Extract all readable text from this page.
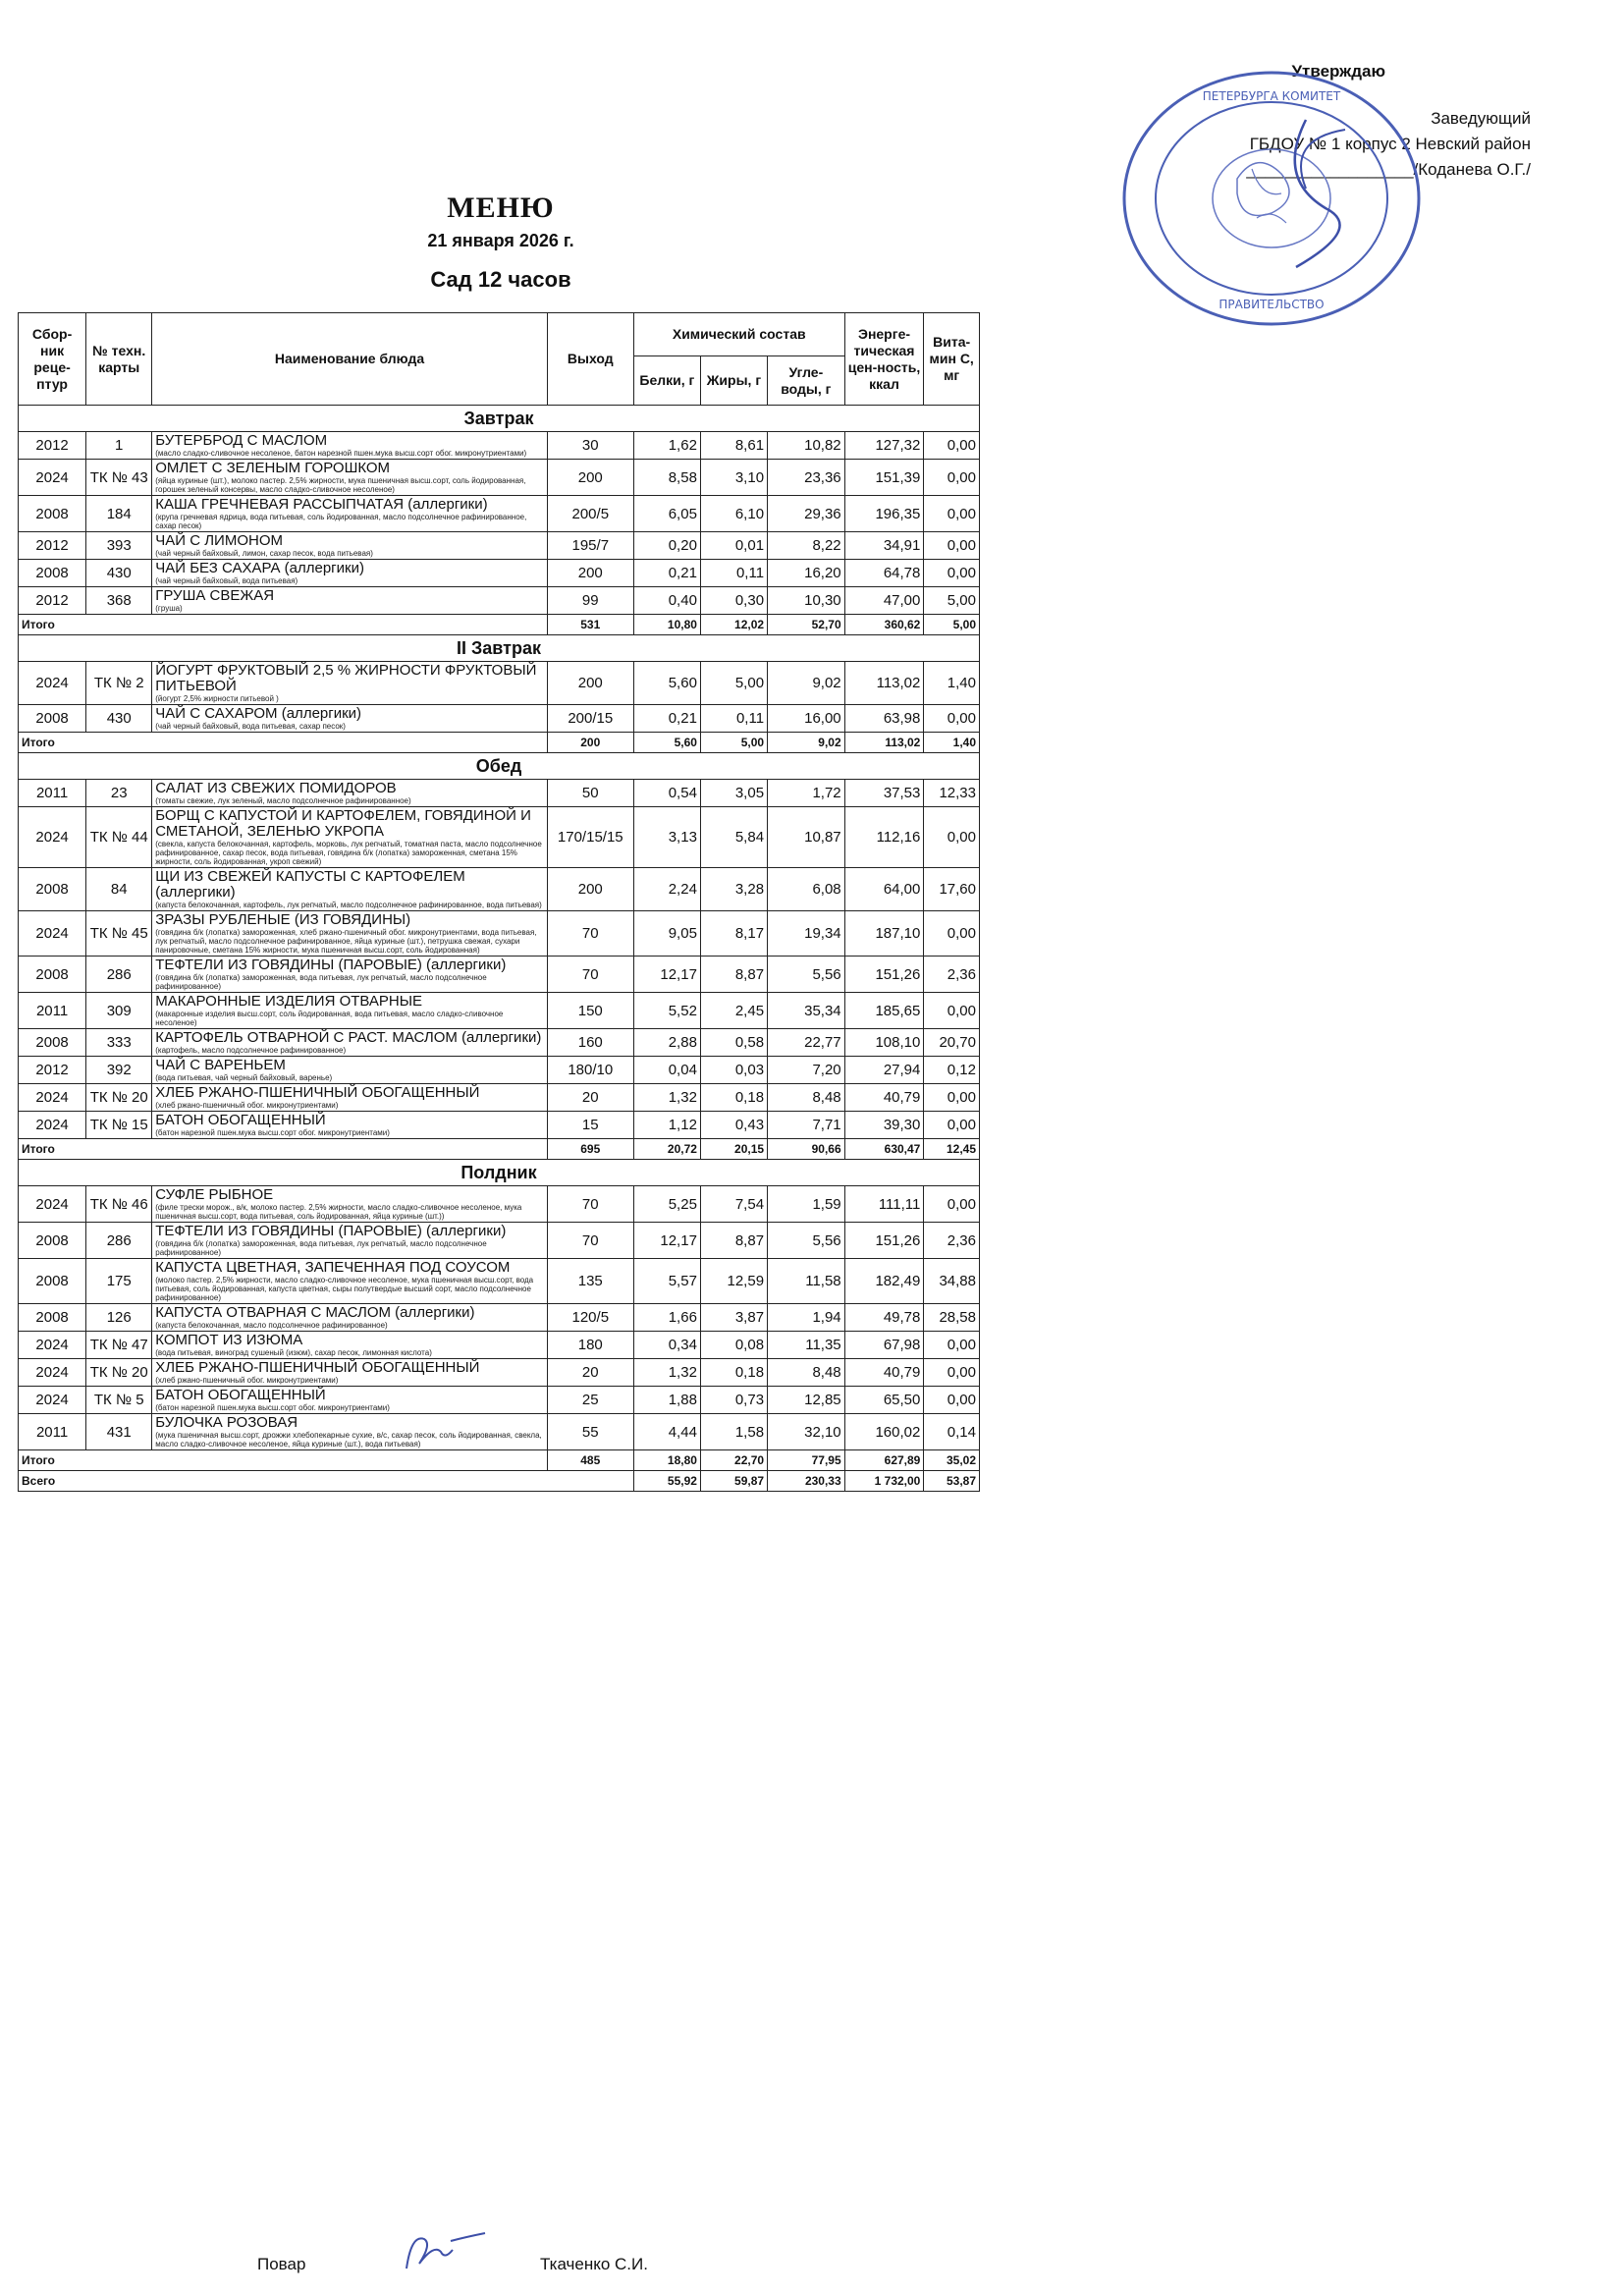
Утверждаю
Заведующий
ГБДОУ № 1 корпус 2 Невский район
__________________/Коданева О.Г./
ПЕТЕРБУРГА КОМИТЕТ
ПРАВИТЕЛЬСТВО
МЕНЮ
21 января 2026 г.
Сад 12 часов
Сбор-ник реце-птур	№ техн. карты	Наименование блюда	Выход	Химический состав			Энерге-тическая цен-ность, ккал	Вита-мин С, мг
				Белки, г	Жиры, г	Угле-воды, г		
Завтрак								
2012	1	БУТЕРБРОД С МАСЛОМ
(масло сладко-сливочное несоленое, батон нарезной пшен.мука высш.сорт обог. микронутриентами)	30	1,62	8,61	10,82	127,32	0,00
2024	ТК № 43	ОМЛЕТ С ЗЕЛЕНЫМ ГОРОШКОМ
(яйца куриные (шт.), молоко пастер. 2,5% жирности, мука пшеничная высш.сорт, соль йодированная, горошек зеленый консервы, масло сладко-сливочное несоленое)	200	8,58	3,10	23,36	151,39	0,00
2008	184	КАША ГРЕЧНЕВАЯ РАССЫПЧАТАЯ (аллергики)
(крупа гречневая ядрица, вода питьевая, соль йодированная, масло подсолнечное рафинированное, сахар песок)	200/5	6,05	6,10	29,36	196,35	0,00
2012	393	ЧАЙ С ЛИМОНОМ
(чай черный байховый, лимон, сахар песок, вода питьевая)	195/7	0,20	0,01	8,22	34,91	0,00
2008	430	ЧАЙ БЕЗ САХАРА (аллергики)
(чай черный байховый, вода питьевая)	200	0,21	0,11	16,20	64,78	0,00
2012	368	ГРУША СВЕЖАЯ
(груша)	99	0,40	0,30	10,30	47,00	5,00
Итого			531	10,80	12,02	52,70	360,62	5,00
II Завтрак								
2024	ТК № 2	ЙОГУРТ ФРУКТОВЫЙ 2,5 % ЖИРНОСТИ ФРУКТОВЫЙ ПИТЬЕВОЙ
(йогурт 2,5% жирности питьевой )	200	5,60	5,00	9,02	113,02	1,40
2008	430	ЧАЙ С САХАРОМ (аллергики)
(чай черный байховый, вода питьевая, сахар песок)	200/15	0,21	0,11	16,00	63,98	0,00
Итого			200	5,60	5,00	9,02	113,02	1,40
Обед								
2011	23	САЛАТ ИЗ СВЕЖИХ ПОМИДОРОВ
(томаты свежие, лук зеленый, масло подсолнечное рафинированное)	50	0,54	3,05	1,72	37,53	12,33
2024	ТК № 44	БОРЩ С КАПУСТОЙ И КАРТОФЕЛЕМ, ГОВЯДИНОЙ И СМЕТАНОЙ, ЗЕЛЕНЬЮ УКРОПА
(свекла, капуста белокочанная, картофель, морковь, лук репчатый, томатная паста, масло подсолнечное рафинированное, сахар песок, вода питьевая, говядина б/к (лопатка) замороженная, сметана 15% жирности, соль йодированная, укроп свежий)	170/15/15	3,13	5,84	10,87	112,16	0,00
2008	84	ЩИ ИЗ СВЕЖЕЙ КАПУСТЫ С КАРТОФЕЛЕМ (аллергики)
(капуста белокочанная, картофель, лук репчатый, масло подсолнечное рафинированное, вода питьевая)	200	2,24	3,28	6,08	64,00	17,60
2024	ТК № 45	ЗРАЗЫ РУБЛЕНЫЕ (ИЗ ГОВЯДИНЫ)
(говядина б/к (лопатка) замороженная, хлеб ржано-пшеничный обог. микронутриентами, вода питьевая, лук репчатый, масло подсолнечное рафинированное, яйца куриные (шт.), петрушка свежая, сухари панировочные, сметана 15% жирности, мука пшеничная высш.сорт, соль йодированная)	70	9,05	8,17	19,34	187,10	0,00
2008	286	ТЕФТЕЛИ ИЗ ГОВЯДИНЫ (ПАРОВЫЕ) (аллергики)
(говядина б/к (лопатка) замороженная, вода питьевая, лук репчатый, масло подсолнечное рафинированное)	70	12,17	8,87	5,56	151,26	2,36
2011	309	МАКАРОННЫЕ ИЗДЕЛИЯ ОТВАРНЫЕ
(макаронные изделия высш.сорт, соль йодированная, вода питьевая, масло сладко-сливочное несоленое)	150	5,52	2,45	35,34	185,65	0,00
2008	333	КАРТОФЕЛЬ ОТВАРНОЙ С РАСТ. МАСЛОМ (аллергики)
(картофель, масло подсолнечное рафинированное)	160	2,88	0,58	22,77	108,10	20,70
2012	392	ЧАЙ С ВАРЕНЬЕМ
(вода питьевая, чай черный байховый, варенье)	180/10	0,04	0,03	7,20	27,94	0,12
2024	ТК № 20	ХЛЕБ РЖАНО-ПШЕНИЧНЫЙ ОБОГАЩЕННЫЙ
(хлеб ржано-пшеничный обог. микронутриентами)	20	1,32	0,18	8,48	40,79	0,00
2024	ТК № 15	БАТОН ОБОГАЩЕННЫЙ
(батон нарезной пшен.мука высш.сорт обог. микронутриентами)	15	1,12	0,43	7,71	39,30	0,00
Итого			695	20,72	20,15	90,66	630,47	12,45
Полдник								
2024	ТК № 46	СУФЛЕ РЫБНОЕ
(филе трески морож., в/к, молоко пастер. 2,5% жирности, масло сладко-сливочное несоленое, мука пшеничная высш.сорт, вода питьевая, соль йодированная, яйца куриные (шт.))	70	5,25	7,54	1,59	111,11	0,00
2008	286	ТЕФТЕЛИ ИЗ ГОВЯДИНЫ (ПАРОВЫЕ) (аллергики)
(говядина б/к (лопатка) замороженная, вода питьевая, лук репчатый, масло подсолнечное рафинированное)	70	12,17	8,87	5,56	151,26	2,36
2008	175	КАПУСТА ЦВЕТНАЯ, ЗАПЕЧЕННАЯ ПОД СОУСОМ
(молоко пастер. 2,5% жирности, масло сладко-сливочное несоленое, мука пшеничная высш.сорт, вода питьевая, соль йодированная, капуста цветная, сыры полутвердые высший сорт, масло подсолнечное рафинированное)	135	5,57	12,59	11,58	182,49	34,88
2008	126	КАПУСТА ОТВАРНАЯ С МАСЛОМ (аллергики)
(капуста белокочанная, масло подсолнечное рафинированное)	120/5	1,66	3,87	1,94	49,78	28,58
2024	ТК № 47	КОМПОТ ИЗ ИЗЮМА
(вода питьевая, виноград сушеный (изюм), сахар песок, лимонная кислота)	180	0,34	0,08	11,35	67,98	0,00
2024	ТК № 20	ХЛЕБ РЖАНО-ПШЕНИЧНЫЙ ОБОГАЩЕННЫЙ
(хлеб ржано-пшеничный обог. микронутриентами)	20	1,32	0,18	8,48	40,79	0,00
2024	ТК № 5	БАТОН ОБОГАЩЕННЫЙ
(батон нарезной пшен.мука высш.сорт обог. микронутриентами)	25	1,88	0,73	12,85	65,50	0,00
2011	431	БУЛОЧКА РОЗОВАЯ
(мука пшеничная высш.сорт, дрожжи хлебопекарные сухие, в/с, сахар песок, соль йодированная, свекла, масло сладко-сливочное несоленое, яйца куриные (шт.), вода питьевая)	55	4,44	1,58	32,10	160,02	0,14
Итого			485	18,80	22,70	77,95	627,89	35,02
Всего				55,92	59,87	230,33	1 732,00	53,87
Повар	Ткаченко С.И.
